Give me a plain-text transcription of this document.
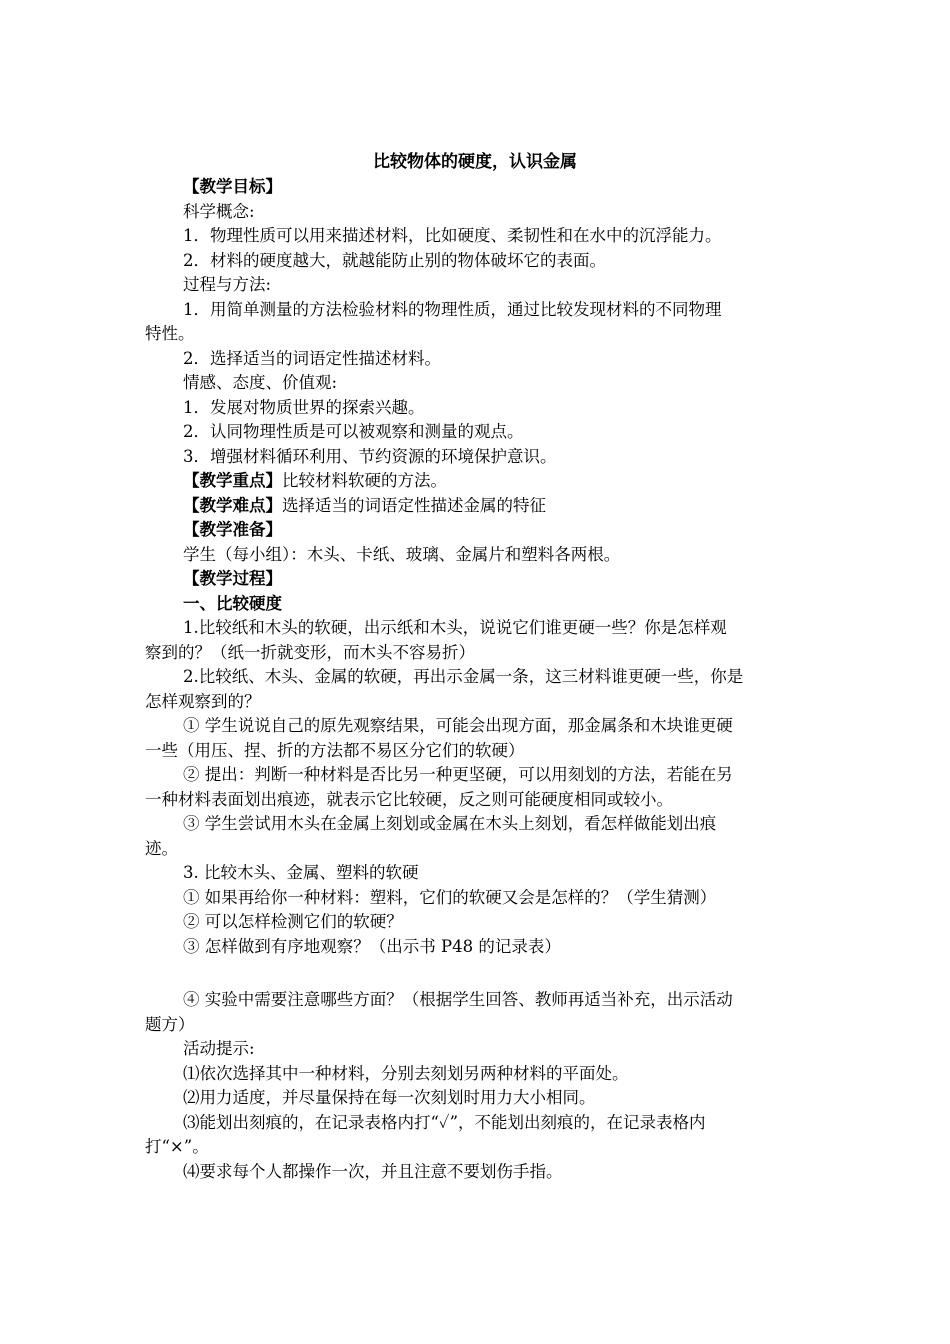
比较物体的硬度，认识金属
【教学目标】
科学概念:
1．物理性质可以用来描述材料，比如硬度、柔韧性和在水中的沉浮能力。
2．材料的硬度越大，就越能防止别的物体破坏它的表面。
过程与方法:
1．用简单测量的方法检验材料的物理性质，通过比较发现材料的不同物理
特性。
2．选择适当的词语定性描述材料。
情感、态度、价值观:
1．发展对物质世界的探索兴趣。
2．认同物理性质是可以被观察和测量的观点。
3．增强材料循环利用、节约资源的环境保护意识。
【教学重点】比较材料软硬的方法。
【教学难点】选择适当的词语定性描述金属的特征
【教学准备】
学生（每小组）：木头、卡纸、玻璃、金属片和塑料各两根。
【教学过程】
一、比较硬度
1.比较纸和木头的软硬，出示纸和木头，说说它们谁更硬一些？你是怎样观
察到的？（纸一折就变形，而木头不容易折）
2.比较纸、木头、金属的软硬，再出示金属一条，这三材料谁更硬一些，你是
怎样观察到的？
① 学生说说自己的原先观察结果，可能会出现方面，那金属条和木块谁更硬
一些（用压、捏、折的方法都不易区分它们的软硬）
② 提出：判断一种材料是否比另一种更坚硬，可以用刻划的方法，若能在另
一种材料表面划出痕迹，就表示它比较硬，反之则可能硬度相同或较小。
③ 学生尝试用木头在金属上刻划或金属在木头上刻划，看怎样做能划出痕
迹。
3. 比较木头、金属、塑料的软硬
① 如果再给你一种材料：塑料，它们的软硬又会是怎样的？（学生猜测）
② 可以怎样检测它们的软硬？
③ 怎样做到有序地观察？（出示书 P48 的记录表）
④ 实验中需要注意哪些方面？（根据学生回答、教师再适当补充，出示活动
题方）
活动提示:
⑴依次选择其中一种材料，分别去刻划另两种材料的平面处。
⑵用力适度，并尽量保持在每一次刻划时用力大小相同。
⑶能划出刻痕的，在记录表格内打“✓”，不能划出刻痕的，在记录表格内
打“×”。
⑷要求每个人都操作一次，并且注意不要划伤手指。
